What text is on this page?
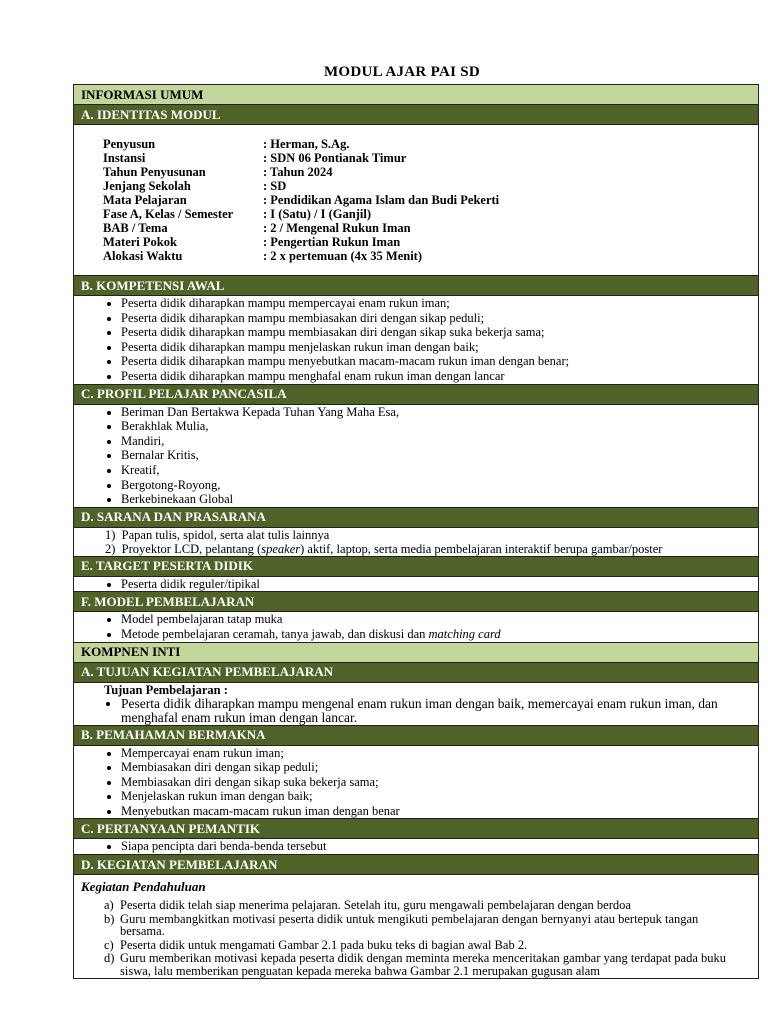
MODUL AJAR PAI SD
INFORMASI UMUM
A. IDENTITAS MODUL
Penyusun	: Herman, S.Ag.
Instansi	: SDN 06 Pontianak Timur
Tahun Penyusunan	: Tahun 2024
Jenjang Sekolah	: SD
Mata Pelajaran	: Pendidikan Agama Islam dan Budi Pekerti
Fase A, Kelas / Semester	: I (Satu) / I (Ganjil)
BAB / Tema	: 2 / Mengenal Rukun Iman
Materi Pokok	: Pengertian Rukun Iman
Alokasi Waktu	: 2 x pertemuan (4x 35 Menit)
B. KOMPETENSI AWAL
• Peserta didik diharapkan mampu mempercayai enam rukun iman;
• Peserta didik diharapkan mampu membiasakan diri dengan sikap peduli;
• Peserta didik diharapkan mampu membiasakan diri dengan sikap suka bekerja sama;
• Peserta didik diharapkan mampu menjelaskan rukun iman dengan baik;
• Peserta didik diharapkan mampu menyebutkan macam-macam rukun iman dengan benar;
• Peserta didik diharapkan mampu menghafal enam rukun iman dengan lancar
C. PROFIL PELAJAR PANCASILA
• Beriman Dan Bertakwa Kepada Tuhan Yang Maha Esa,
• Berakhlak Mulia,
• Mandiri,
• Bernalar Kritis,
• Kreatif,
• Bergotong-Royong,
• Berkebinekaan Global
D. SARANA DAN PRASARANA
1) Papan tulis, spidol, serta alat tulis lainnya
2) Proyektor LCD, pelantang (speaker) aktif, laptop, serta media pembelajaran interaktif berupa gambar/poster
E. TARGET PESERTA DIDIK
• Peserta didik reguler/tipikal
F. MODEL PEMBELAJARAN
• Model pembelajaran tatap muka
• Metode pembelajaran ceramah, tanya jawab, dan diskusi dan matching card
KOMPNEN INTI
A. TUJUAN KEGIATAN PEMBELAJARAN
Tujuan Pembelajaran :
• Peserta didik diharapkan mampu mengenal enam rukun iman dengan baik, memercayai enam rukun iman, dan menghafal enam rukun iman dengan lancar.
B. PEMAHAMAN BERMAKNA
• Mempercayai enam rukun iman;
• Membiasakan diri dengan sikap peduli;
• Membiasakan diri dengan sikap suka bekerja sama;
• Menjelaskan rukun iman dengan baik;
• Menyebutkan macam-macam rukun iman dengan benar
C. PERTANYAAN PEMANTIK
• Siapa pencipta dari benda-benda tersebut
D. KEGIATAN PEMBELAJARAN
Kegiatan Pendahuluan
a) Peserta didik telah siap menerima pelajaran. Setelah itu, guru mengawali pembelajaran dengan berdoa
b) Guru membangkitkan motivasi peserta didik untuk mengikuti pembelajaran dengan bernyanyi atau bertepuk tangan bersama.
c) Peserta didik untuk mengamati Gambar 2.1 pada buku teks di bagian awal Bab 2.
d) Guru memberikan motivasi kepada peserta didik dengan meminta mereka menceritakan gambar yang terdapat pada buku siswa, lalu memberikan penguatan kepada mereka bahwa Gambar 2.1 merupakan gugusan alam
